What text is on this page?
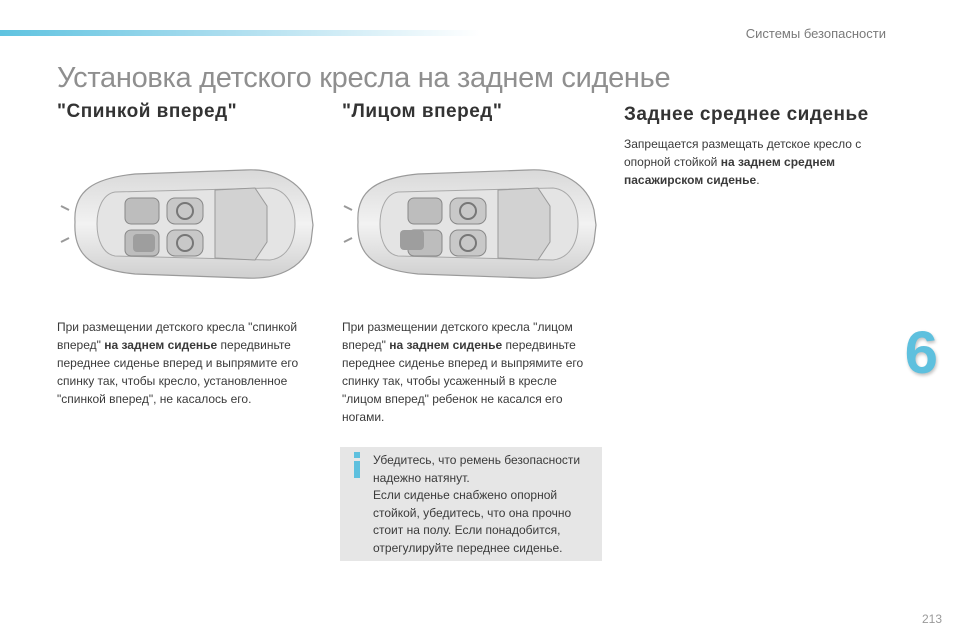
Системы безопасности
Установка детского кресла на заднем сиденье
"Спинкой вперед"
При размещении детского кресла "спинкой вперед" на заднем сиденье передвиньте переднее сиденье вперед и выпрямите его спинку так, чтобы кресло, установленное "спинкой вперед", не касалось его.
"Лицом вперед"
При размещении детского кресла "лицом вперед" на заднем сиденье передвиньте переднее сиденье вперед и выпрямите его спинку так, чтобы усаженный в кресле "лицом вперед" ребенок не касался его ногами.
Заднее среднее сиденье
Запрещается размещать детское кресло с опорной стойкой на заднем среднем пасажирском сиденье.
Убедитесь, что ремень безопасности надежно натянут.
Если сиденье снабжено опорной стойкой, убедитесь, что она прочно стоит на полу. Если понадобится, отрегулируйте переднее сиденье.
6
213
